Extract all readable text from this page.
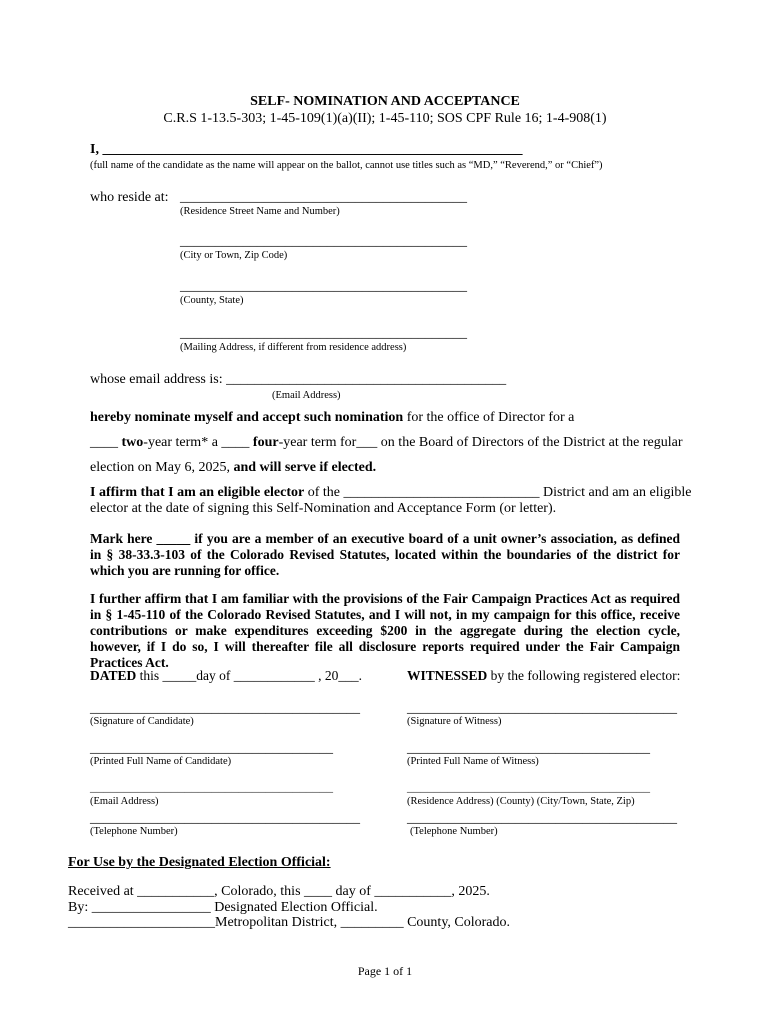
SELF- NOMINATION AND ACCEPTANCE
C.R.S 1-13.5-303; 1-45-109(1)(a)(II); 1-45-110; SOS CPF Rule 16; 1-4-908(1)
I, ____________________________________________________________
(full name of the candidate as the name will appear on the ballot, cannot use titles such as “MD,” “Reverend,” or “Chief”)
who reside at: _________________________________________
(Residence Street Name and Number)
_________________________________________
(City or Town, Zip Code)
_________________________________________
(County, State)
_________________________________________
(Mailing Address, if different from residence address)
whose email address is: ________________________________________
(Email Address)
hereby nominate myself and accept such nomination for the office of Director for a
____ two-year term* a ____ four-year term for___ on the Board of Directors of the District at the regular
election on May 6, 2025, and will serve if elected.
I affirm that I am an eligible elector of the ____________________________ District and am an eligible
elector at the date of signing this Self-Nomination and Acceptance Form (or letter).
Mark here _____ if you are a member of an executive board of a unit owner’s association, as defined in § 38-33.3-103 of the Colorado Revised Statutes, located within the boundaries of the district for which you are running for office.
I further affirm that I am familiar with the provisions of the Fair Campaign Practices Act as required in § 1-45-110 of the Colorado Revised Statutes, and I will not, in my campaign for this office, receive contributions or make expenditures exceeding $200 in the aggregate during the election cycle, however, if I do so, I will thereafter file all disclosure reports required under the Fair Campaign Practices Act.
DATED this _____day of ____________ , 20___.	WITNESSED by the following registered elector:
________________________________________
(Signature of Candidate)
____________________________________
(Printed Full Name of Candidate)
____________________________________
(Email Address)
________________________________________
(Telephone Number)
________________________________________
(Signature of Witness)
____________________________________
(Printed Full Name of Witness)
____________________________________
(Residence Address) (County) (City/Town, State, Zip)
________________________________________
(Telephone Number)
For Use by the Designated Election Official:
Received at ___________, Colorado, this ____ day of ___________, 2025.
By: _________________ Designated Election Official.
_____________________Metropolitan District, _________ County, Colorado.
Page 1 of 1
